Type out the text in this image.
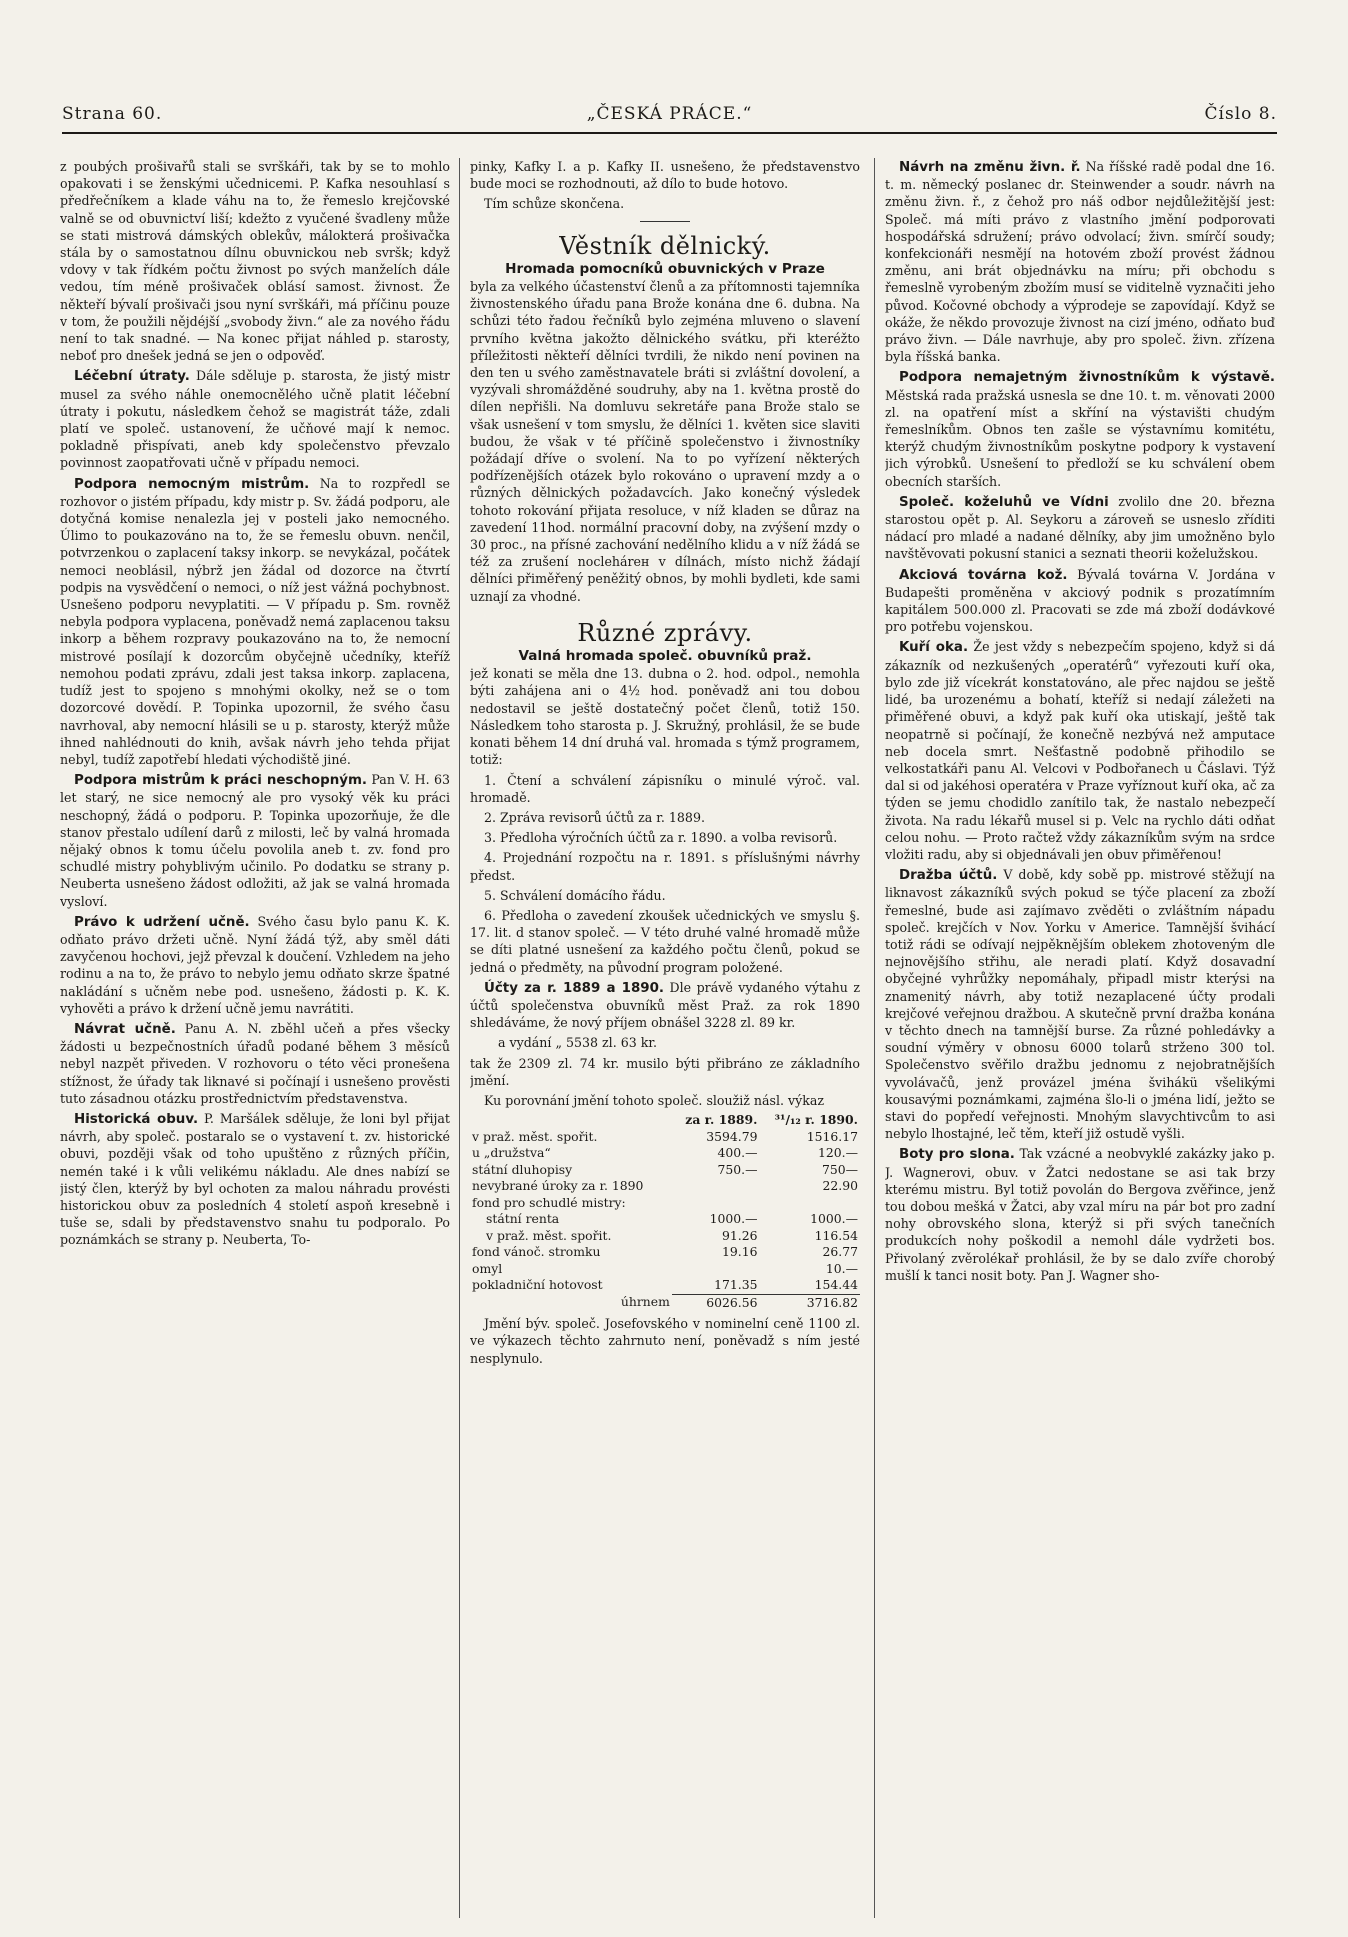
Strana 60.	„ČESKÁ PRÁCE.“	Číslo 8.

z poubých prošivařů stali se svrškáři, tak by se to mohlo opakovati i se ženskými učednicemi. P. Kafka nesouhlasí s předřečníkem a klade váhu na to, že řemeslo krejčovské valně se od obuvnictví liší; kdežto z vyučené švadleny může se stati mistrová dámských oblekův, málokterá prošivačka stála by o samostatnou dílnu obuvnickou neb svršk; když vdovy v tak řídkém počtu živnost po svých manželích dále vedou, tím méně prošivaček oblásí samost. živnost. Že někteří bývalí prošivači jsou nyní svrškáři, má příčinu pouze v tom, že použili nějdéjší „svobody živn.“ ale za nového řádu není to tak snadné. — Na konec přijat náhled p. starosty, neboť pro dnešek jedná se jen o odpověď.

Léčební útraty. Dále sděluje p. starosta, že jistý mistr musel za svého náhle onemocnělého učně platit léčební útraty i pokutu, následkem čehož se magistrát táže, zdali platí ve společ. ustanovení, že učňové mají k nemoc. pokladně přispívati, aneb kdy společenstvo převzalo povinnost zaopatřovati učně v případu nemoci.

Podpora nemocným mistrům. Na to rozpředl se rozhovor o jistém případu, kdy mistr p. Sv. žádá podporu, ale dotyčná komise nenalezla jej v posteli jako nemocného. Úlimo to poukazováno na to, že se řemeslu obuvn. nenčil, potvrzenkou o zaplacení taksy inkorp. se nevykázal, počátek nemoci neoblásil, nýbrž jen žádal od dozorce na čtvrtí podpis na vysvědčení o nemoci, o níž jest vážná pochybnost. Usnešeno podporu nevyplatiti. — V případu p. Sm. rovněž nebyla podpora vyplacena, poněvadž nemá zaplacenou taksu inkorp a během rozpravy poukazováno na to, že nemocní mistrové posílají k dozorcům obyčejně učedníky, kteříž nemohou podati zprávu, zdali jest taksa inkorp. zaplacena, tudíž jest to spojeno s mnohými okolky, než se o tom dozorcové dovědí. P. Topinka upozornil, že svého času navrhoval, aby nemocní hlásili se u p. starosty, kterýž může ihned nahlédnouti do knih, avšak návrh jeho tehda přijat nebyl, tudíž zapotřebí hledati východiště jiné.

Podpora mistrům k práci neschopným. Pan V. H. 63 let starý, ne sice nemocný ale pro vysoký věk ku práci neschopný, žádá o podporu. P. Topinka upozorňuje, že dle stanov přestalo udílení darů z milosti, leč by valná hromada nějaký obnos k tomu účelu povolila aneb t. zv. fond pro schudlé mistry pohyblivým učinilo. Po dodatku se strany p. Neuberta usnešeno žádost odložiti, až jak se valná hromada vysloví.

Právo k udržení učně. Svého času bylo panu K. K. odňato právo držeti učně. Nyní žádá týž, aby směl dáti zavyčenou hochovi, jejž převzal k doučení. Vzhledem na jeho rodinu a na to, že právo to nebylo jemu odňato skrze špatné nakládání s učněm nebe pod. usnešeno, žádosti p. K. K. vyhověti a právo k držení učně jemu navrátiti.

Návrat učně. Panu A. N. zběhl učeň a přes všecky žádosti u bezpečnostních úřadů podané během 3 měsíců nebyl nazpět přiveden. V rozhovoru o této věci pronešena stížnost, že úřady tak liknavé si počínají i usnešeno prověsti tuto zásadnou otázku prostřednictvím představenstva.

Historická obuv. P. Maršálek sděluje, že loni byl přijat návrh, aby společ. postaralo se o vystavení t. zv. historické obuvi, později však od toho upuštěno z různých příčin, nemén také i k vůli velikému nákladu. Ale dnes nabízí se jistý člen, kterýž by byl ochoten za malou náhradu provésti historickou obuv za posledních 4 století aspoň kresebně i tuše se, sdali by představenstvo snahu tu podporalo. Po poznámkách se strany p. Neuberta, To-

pinky, Kafky I. a p. Kafky II. usnešeno, že představenstvo bude moci se rozhodnouti, až dílo to bude hotovo.

Tím schůze skončena.

Věstník dělnický.
Hromada pomocníků obuvnických v Praze

byla za velkého účastenství členů a za přítomnosti tajemníka živnostenského úřadu pana Brože konána dne 6. dubna. Na schůzi této řadou řečníků bylo zejména mluveno o slavení prvního května jakožto dělnického svátku, při kteréžto příležitosti někteří dělníci tvrdili, že nikdo není povinen na den ten u svého zaměstnavatele bráti si zvláštní dovolení, a vyzývali shromážděné soudruhy, aby na 1. května prostě do dílen nepřišli. Na domluvu sekretáře pana Brože stalo se však usnešení v tom smyslu, že dělníci 1. květen sice slaviti budou, že však v té příčině společenstvo i živnostníky požádají dříve o svolení. Na to po vyřízení některých podřízenějších otázek bylo rokováno o upravení mzdy a o různých dělnických požadavcích. Jako konečný výsledek tohoto rokování přijata resoluce, v níž kladen se důraz na zavedení 11hod. normální pracovní doby, na zvýšení mzdy o 30 proc., na přísné zachování nedělního klidu a v níž žádá se též za zrušení noclehárен v dílnách, místo nichž žádají dělníci přiměřený peněžitý obnos, by mohli bydleti, kde sami uznají za vhodné.

Různé zprávy.
Valná hromada společ. obuvníků praž.

jež konati se měla dne 13. dubna o 2. hod. odpol., nemohla býti zahájena ani o 4½ hod. poněvadž ani tou dobou nedostavil se ještě dostatečný počet členů, totiž 150. Následkem toho starosta p. J. Skružný, prohlásil, že se bude konati během 14 dní druhá val. hromada s týmž programem, totiž:

1. Čtení a schválení zápisníku o minulé výroč. val. hromadě.

2. Zpráva revisorů účtů za r. 1889.

3. Předloha výročních účtů za r. 1890. a volba revisorů.

4. Projednání rozpočtu na r. 1891. s příslušnými návrhy předst.

5. Schválení domácího řádu.

6. Předloha o zavedení zkoušek učednických ve smyslu §. 17. lit. d stanov společ. — V této druhé valné hromadě může se díti platné usnešení za každého počtu členů, pokud se jedná o předměty, na původní program položené.

Účty za r. 1889 a 1890. Dle právě vydaného výtahu z účtů společenstva obuvníků měst Praž. za rok 1890 shledáváme, že nový příjem obnášel 3228 zl. 89 kr.

a vydání „ 5538 zl. 63 kr.

tak že 2309 zl. 74 kr. musilo býti přibráno ze základního jmění.

Ku porovnání jmění tohoto společ. sloužiž násl. výkaz

	za r. 1889.	³¹/₁₂ r. 1890.
v praž. měst. spořit.	3594.79	1516.17
u „družstva“	400.—	120.—
státní dluhopisy	750.—	750—
nevybrané úroky za r. 1890		22.90
fond pro schudlé mistry:		
státní renta	1000.—	1000.—
v praž. měst. spořit.	91.26	116.54
fond vánoč. stromku	19.16	26.77
omyl		10.—
pokladniční hotovost	171.35	154.44
úhrnem	6026.56	3716.82

Jmění býv. společ. Josefovského v nominelní ceně 1100 zl. ve výkazech těchto zahrnuto není, poněvadž s ním jesté nesplynulo.

Návrh na změnu živn. ř. Na říšské radě podal dne 16. t. m. německý poslanec dr. Steinwender a soudr. návrh na změnu živn. ř., z čehož pro náš odbor nejdůležitější jest: Společ. má míti právo z vlastního jmění podporovati hospodářská sdružení; právo odvolací; živn. smírčí soudy; konfekcionáři nesmějí na hotovém zboží provést žádnou změnu, ani brát objednávku na míru; při obchodu s řemeslně vyrobeným zbožím musí se viditelně vyznačiti jeho původ. Kočovné obchody a výprodeje se zapovídají. Když se okáže, že někdo provozuje živnost na cizí jméno, odňato buď právo živn. — Dále navrhuje, aby pro společ. živn. zřízena byla říšská banka.

Podpora nemajetným živnostníkům k výstavě. Městská rada pražská usnesla se dne 10. t. m. věnovati 2000 zl. na opatření míst a skříní na výstavišti chudým řemeslníkům. Obnos ten zašle se výstavnímu komitétu, kterýž chudým živnostníkům poskytne podpory k vystavení jich výrobků. Usnešení to předloží se ku schválení obem obecních starších.

Společ. koželuhů ve Vídni zvolilo dne 20. března starostou opět p. Al. Seykoru a zároveň se usneslo zříditi nádací pro mladé a nadané dělníky, aby jim umožněno bylo navštěvovati pokusní stanici a seznati theorii koželužskou.

Akciová továrna kož. Bývalá továrna V. Jordána v Budapešti proměněna v akciový podnik s prozatímním kapitálem 500.000 zl. Pracovati se zde má zboží dodávkové pro potřebu vojenskou.

Kuří oka. Že jest vždy s nebezpečím spojeno, když si dá zákazník od nezkušených „operatérů“ vyřezouti kuří oka, bylo zde již vícekrát konstatováno, ale přec najdou se ještě lidé, ba urozenému a bohatí, kteříž si nedají záležeti na přiměřené obuvi, a když pak kuří oka utiskají, ještě tak neopatrně si počínají, že konečně nezbývá než amputace neb docela smrt. Nešťastně podobně přihodilo se velkostatkáři panu Al. Velcovi v Podbořanech u Čáslavi. Týž dal si od jakéhosi operatéra v Praze vyříznout kuří oka, ač za týden se jemu chodidlo zanítilo tak, že nastalo nebezpečí života. Na radu lékařů musel si p. Velc na rychlo dáti odňat celou nohu. — Proto račtež vždy zákazníkům svým na srdce vložiti radu, aby si objednávali jen obuv přiměřenou!

Dražba účtů. V době, kdy sobě pp. mistrové stěžují na liknavost zákazníků svých pokud se týče placení za zboží řemeslné, bude asi zajímavo zvěděti o zvláštním nápadu společ. krejčích v Nov. Yorku v Americe. Tamnější švihácí totiž rádi se odívají nejpěknějším oblekem zhotoveným dle nejnovějšího střihu, ale neradi platí. Když dosavadní obyčejné vyhrůžky nepomáhaly, připadl mistr kterýsi na znamenitý návrh, aby totiž nezaplacené účty prodali krejčové veřejnou dražbou. A skutečně první dražba konána v těchto dnech na tamnější burse. Za různé pohledávky a soudní výměry v obnosu 6000 tolarů strženo 300 tol. Společenstvo svěřilo dražbu jednomu z nejobratnějších vyvolávačů, jenž provázel jména švihákü všelikými kousavými poznámkami, zajména šlo-li o jména lidí, ježto se stavi do popředí veřejnosti. Mnohým slavychtivcům to asi nebylo lhostajné, leč těm, kteří již ostudě vyšli.

Boty pro slona. Tak vzácné a neobvyklé zakázky jako p. J. Wagnerovi, obuv. v Žatci nedostane se asi tak brzy kterému mistru. Byl totiž povolán do Bergova zvěřince, jenž tou dobou mešká v Žatci, aby vzal míru na pár bot pro zadní nohy obrovského slona, kterýž si při svých tanečních produkcích nohy poškodil a nemohl dále vydržeti bos. Přivolaný zvěrolékař prohlásil, že by se dalo zvíře chorobý mušlí k tanci nosit boty. Pan J. Wagner sho-
